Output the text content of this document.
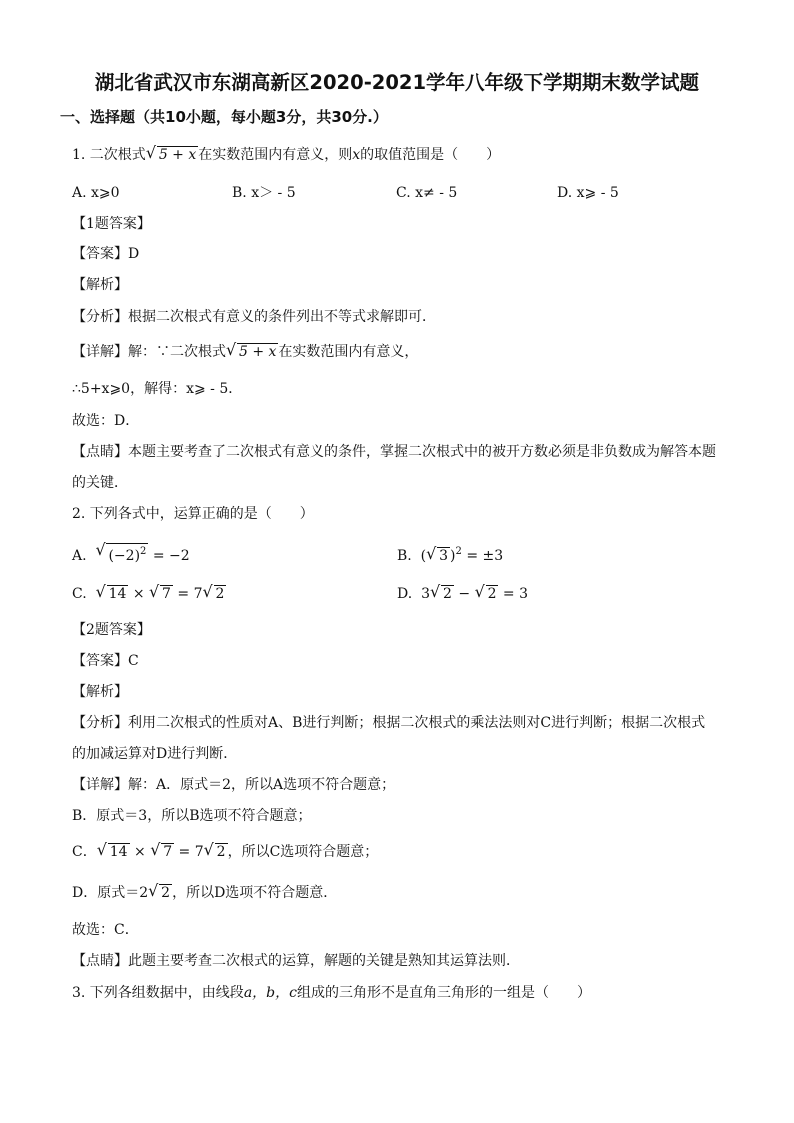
湖北省武汉市东湖高新区2020-2021学年八年级下学期期末数学试题
一、选择题（共10小题，每小题3分，共30分.）
1. 二次根式 √ 5 + x 在实数范围内有意义，则x的取值范围是（　　）
A. x⩾0	B. x＞ - 5	C. x≠ - 5	D. x⩾ - 5
【1题答案】
【答案】D
【解析】
【分析】根据二次根式有意义的条件列出不等式求解即可．
【详解】解：∵二次根式 √ 5 + x 在实数范围内有意义，
∴5+x⩾0，解得：x⩾ - 5．
故选：D．
【点睛】本题主要考查了二次根式有意义的条件，掌握二次根式中的被开方数必须是非负数成为解答本题
的关键．
2. 下列各式中，运算正确的是（　　）
A. √ $(-2)^2 = -2$	B.  ( √ 3 )$^2$ = ±3
C. √ 14 × √ 7 = 7 √ 2	D.  3 √ 2 − √ 2 = 3
【2题答案】
【答案】C
【解析】
【分析】利用二次根式的性质对A、B进行判断；根据二次根式的乘法法则对C进行判断；根据二次根式
的加减运算对D进行判断．
【详解】解：A．原式＝2，所以A选项不符合题意；
B．原式＝3，所以B选项不符合题意；
C． √ 14 × √ 7 = 7 √ 2 ，所以C选项符合题意；
D．原式＝2 √ 2 ，所以D选项不符合题意．
故选：C．
【点睛】此题主要考查二次根式的运算，解题的关键是熟知其运算法则．
3. 下列各组数据中，由线段a，b，c组成的三角形不是直角三角形的一组是（　　）
